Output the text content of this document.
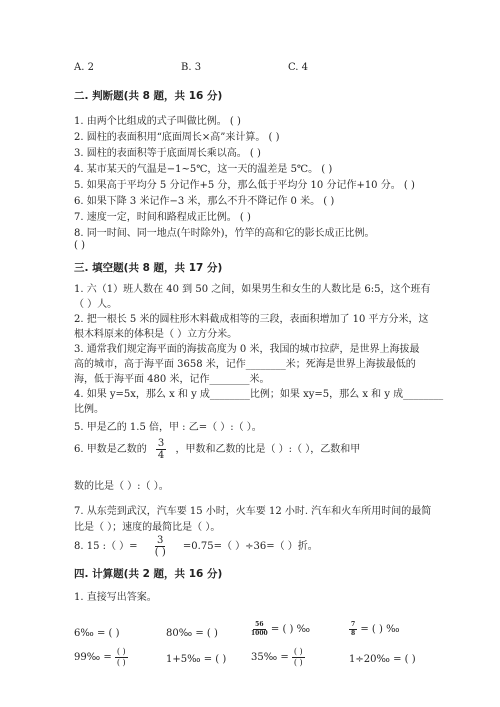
A. 2	B. 3	C. 4
二. 判断题(共 8 题，共 16 分)
1. 由两个比组成的式子叫做比例。 ( )
2. 圆柱的表面积用“底面周长×高”来计算。 ( )
3. 圆柱的表面积等于底面周长乘以高。 ( )
4. 某市某天的气温是−1~5℃，这一天的温差是 5℃。 ( )
5. 如果高于平均分 5 分记作+5 分，那么低于平均分 10 分记作+10 分。 ( )
6. 如果下降 3 米记作−3 米，那么不升不降记作 0 米。 ( )
7. 速度一定，时间和路程成正比例。 ( )
8. 同一时间、同一地点(午时除外)，竹竿的高和它的影长成正比例。
( )
三. 填空题(共 8 题，共 17 分)
1. 六（1）班人数在 40 到 50 之间，如果男生和女生的人数比是 6:5，这个班有
（ ）人。
2. 把一根长 5 米的圆柱形木料截成相等的三段，表面积增加了 10 平方分米，这
根木料原来的体积是（ ）立方分米。
3. 通常我们规定海平面的海拔高度为 0 米，我国的城市拉萨，是世界上海拔最
高的城市，高于海平面 3658 米，记作________米；死海是世界上海拔最低的
海，低于海平面 480 米，记作________米。
4. 如果 y=5x，那么 x 和 y 成________比例；如果 xy=5，那么 x 和 y 成________
比例。
5. 甲是乙的 1.5 倍，甲 : 乙=（ ）:（ ）。
6. 甲数是乙数的 $\frac{3}{4}$ ，甲数和乙数的比是（ ）:（ ），乙数和甲
数的比是（ ）:（ ）。
7. 从东莞到武汉，汽车要 15 小时，火车要 12 小时. 汽车和火车所用时间的最简
比是（ ）；速度的最简比是（ ）。
8. 15 :（ ）=
3
( )
=0.75=（ ）÷36=（ ）折。
四. 计算题(共 2 题，共 16 分)
1. 直接写出答案。
6‰ = ( )	80‰ = ( )	$\frac{56}{1000}$ = ( ) ‰	$\frac{7}{8}$ = ( ) ‰
99‰ = $\frac{( )}{( )}$	1+5‰ = ( ) 35‰ = $\frac{( )}{( )}$	1÷20‰ = ( )
